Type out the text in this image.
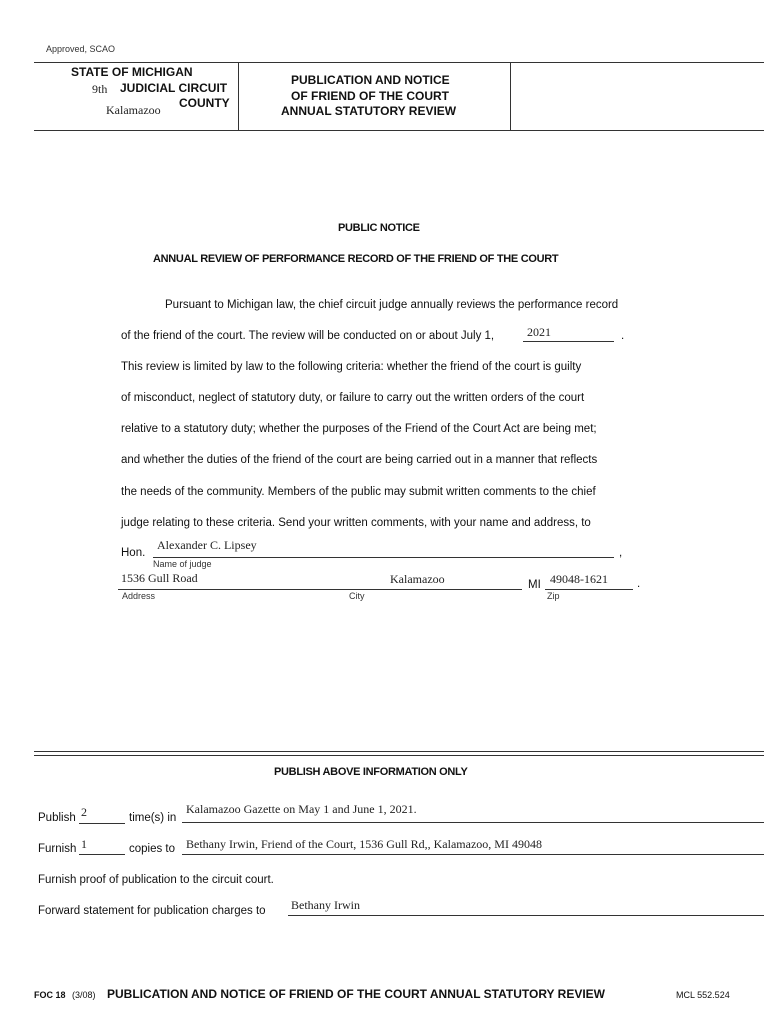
Approved, SCAO
STATE OF MICHIGAN
9th JUDICIAL CIRCUIT
COUNTY
Kalamazoo
PUBLICATION AND NOTICE
OF FRIEND OF THE COURT
ANNUAL STATUTORY REVIEW
PUBLIC NOTICE
ANNUAL REVIEW OF PERFORMANCE RECORD OF THE FRIEND OF THE COURT
Pursuant to Michigan law, the chief circuit judge annually reviews the performance record
of the friend of the court. The review will be conducted on or about July 1,	2021	.
This review is limited by law to the following criteria: whether the friend of the court is guilty
of misconduct, neglect of statutory duty, or failure to carry out the written orders of the court
relative to a statutory duty; whether the purposes of the Friend of the Court Act are being met;
and whether the duties of the friend of the court are being carried out in a manner that reflects
the needs of the community. Members of the public may submit written comments to the chief
judge relating to these criteria. Send your written comments, with your name and address, to
Hon.
Alexander C. Lipsey
,
Name of judge
1536 Gull Road	Kalamazoo	MI 49048-1621	.
Address	City	Zip
PUBLISH ABOVE INFORMATION ONLY
Publish 2	time(s) in
Kalamazoo Gazette on May 1 and June 1, 2021.
Furnish 1	copies to Bethany Irwin, Friend of the Court, 1536 Gull Rd,, Kalamazoo, MI 49048
Furnish proof of publication to the circuit court.
Forward statement for publication charges to Bethany Irwin
FOC 18 (3/08) PUBLICATION AND NOTICE OF FRIEND OF THE COURT ANNUAL STATUTORY REVIEW	MCL 552.524
